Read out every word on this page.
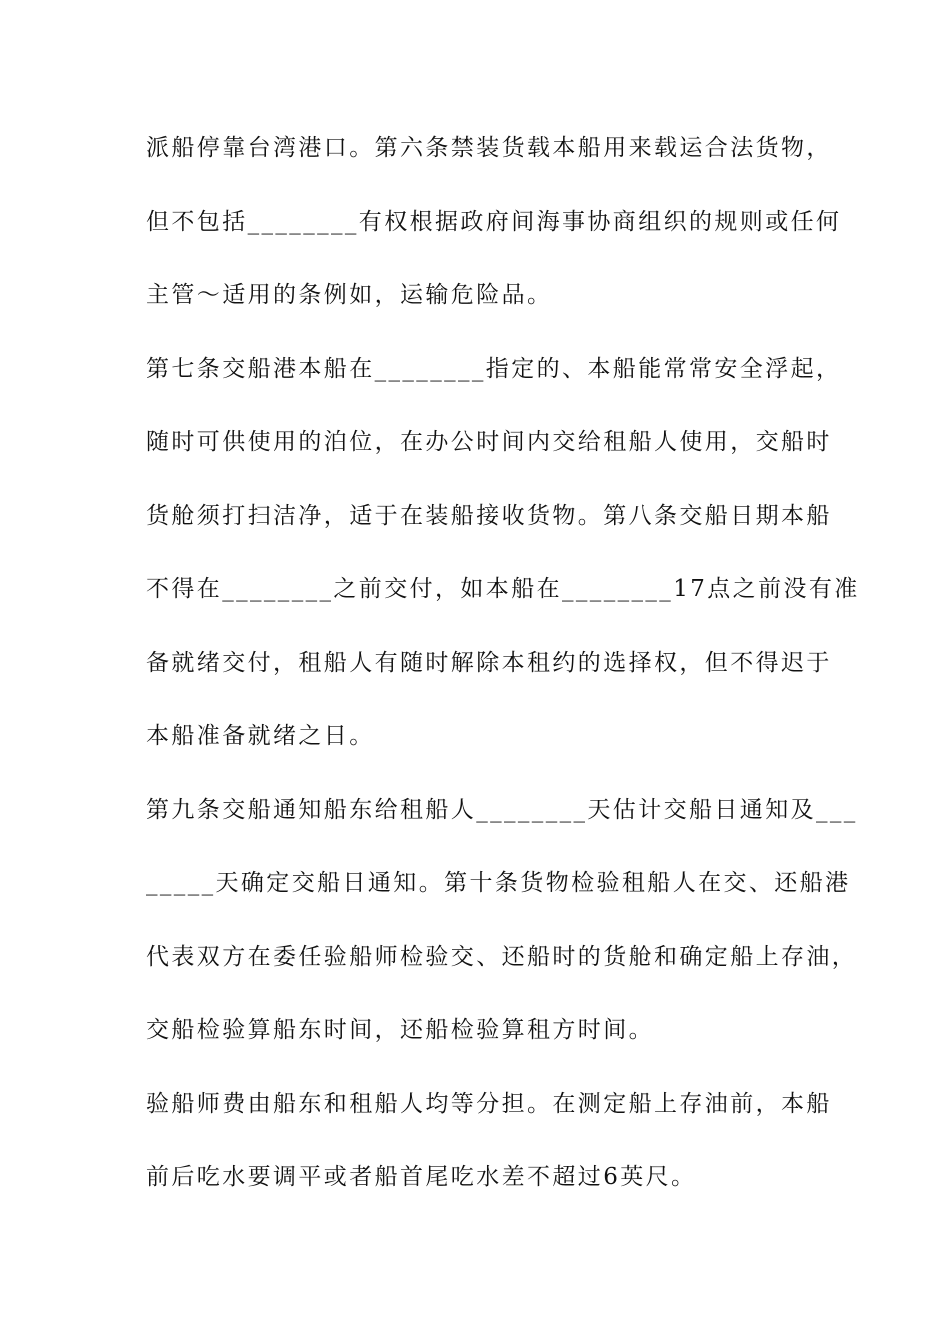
派船停靠台湾港口。第六条禁装货载本船用来载运合法货物，
但不包括________有权根据政府间海事协商组织的规则或任何
主管～适用的条例如，运输危险品。
第七条交船港本船在________指定的、本船能常常安全浮起，
随时可供使用的泊位，在办公时间内交给租船人使用，交船时
货舱须打扫洁净，适于在装船接收货物。第八条交船日期本船
不得在________之前交付，如本船在________17点之前没有准
备就绪交付，租船人有随时解除本租约的选择权，但不得迟于
本船准备就绪之日。
第九条交船通知船东给租船人________天估计交船日通知及___
_____天确定交船日通知。第十条货物检验租船人在交、还船港
代表双方在委任验船师检验交、还船时的货舱和确定船上存油，
交船检验算船东时间，还船检验算租方时间。
验船师费由船东和租船人均等分担。在测定船上存油前，本船
前后吃水要调平或者船首尾吃水差不超过6英尺。
